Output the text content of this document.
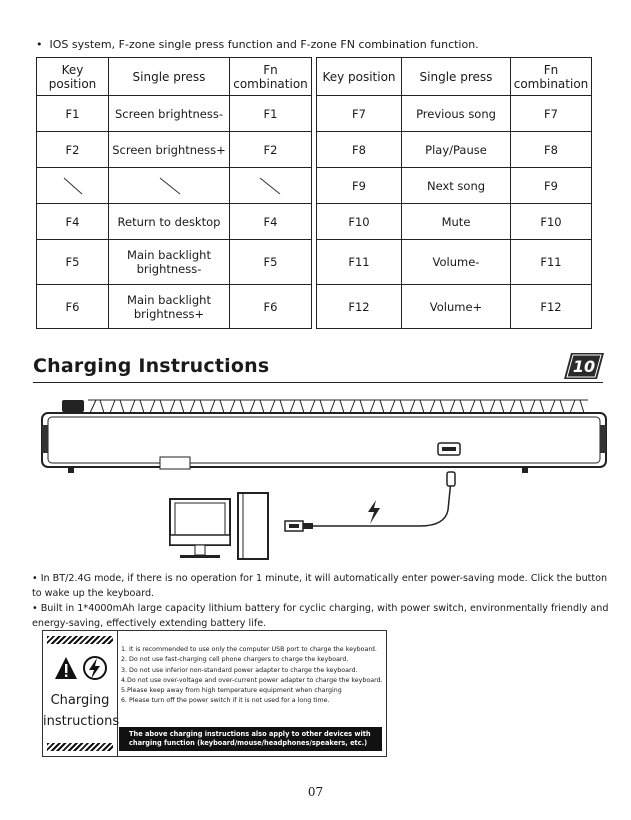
• IOS system, F-zone single press function and F-zone FN combination function.
Key position	Single press	Fn
combination
F1	Screen brightness-	F1
F2	Screen brightness+	F2

F4	Return to desktop	F4
F5	Main backlight
brightness-	F5
F6	Main backlight
brightness+	F6
Key position	Single press	Fn
combination
F7	Previous song	F7
F8	Play/Pause	F8
F9	Next song	F9
F10	Mute	F10
F11	Volume-	F11
F12	Volume+	F12
Charging Instructions	10

• In BT/2.4G mode, if there is no operation for 1 minute, it will automatically enter power-saving mode. Click the button to wake up the keyboard.

• Built in 1*4000mAh large capacity lithium battery for cyclic charging, with power switch, environmentally friendly and energy-saving, effectively extending battery life.

Charging
instructions
1. It is recommended to use only the computer USB port to charge the keyboard.
2. Do not use fast-charging cell phone chargers to charge the keyboard.
3. Do not use inferior non-standard power adapter to charge the keyboard.
4.Do not use over-voltage and over-current power adapter to charge the keyboard.
5.Please keep away from high temperature equipment when charging
6. Please turn off the power switch if it is not used for a long time.
The above charging instructions also apply to other devices with
charging function (keyboard/mouse/headphones/speakers, etc.)
07
